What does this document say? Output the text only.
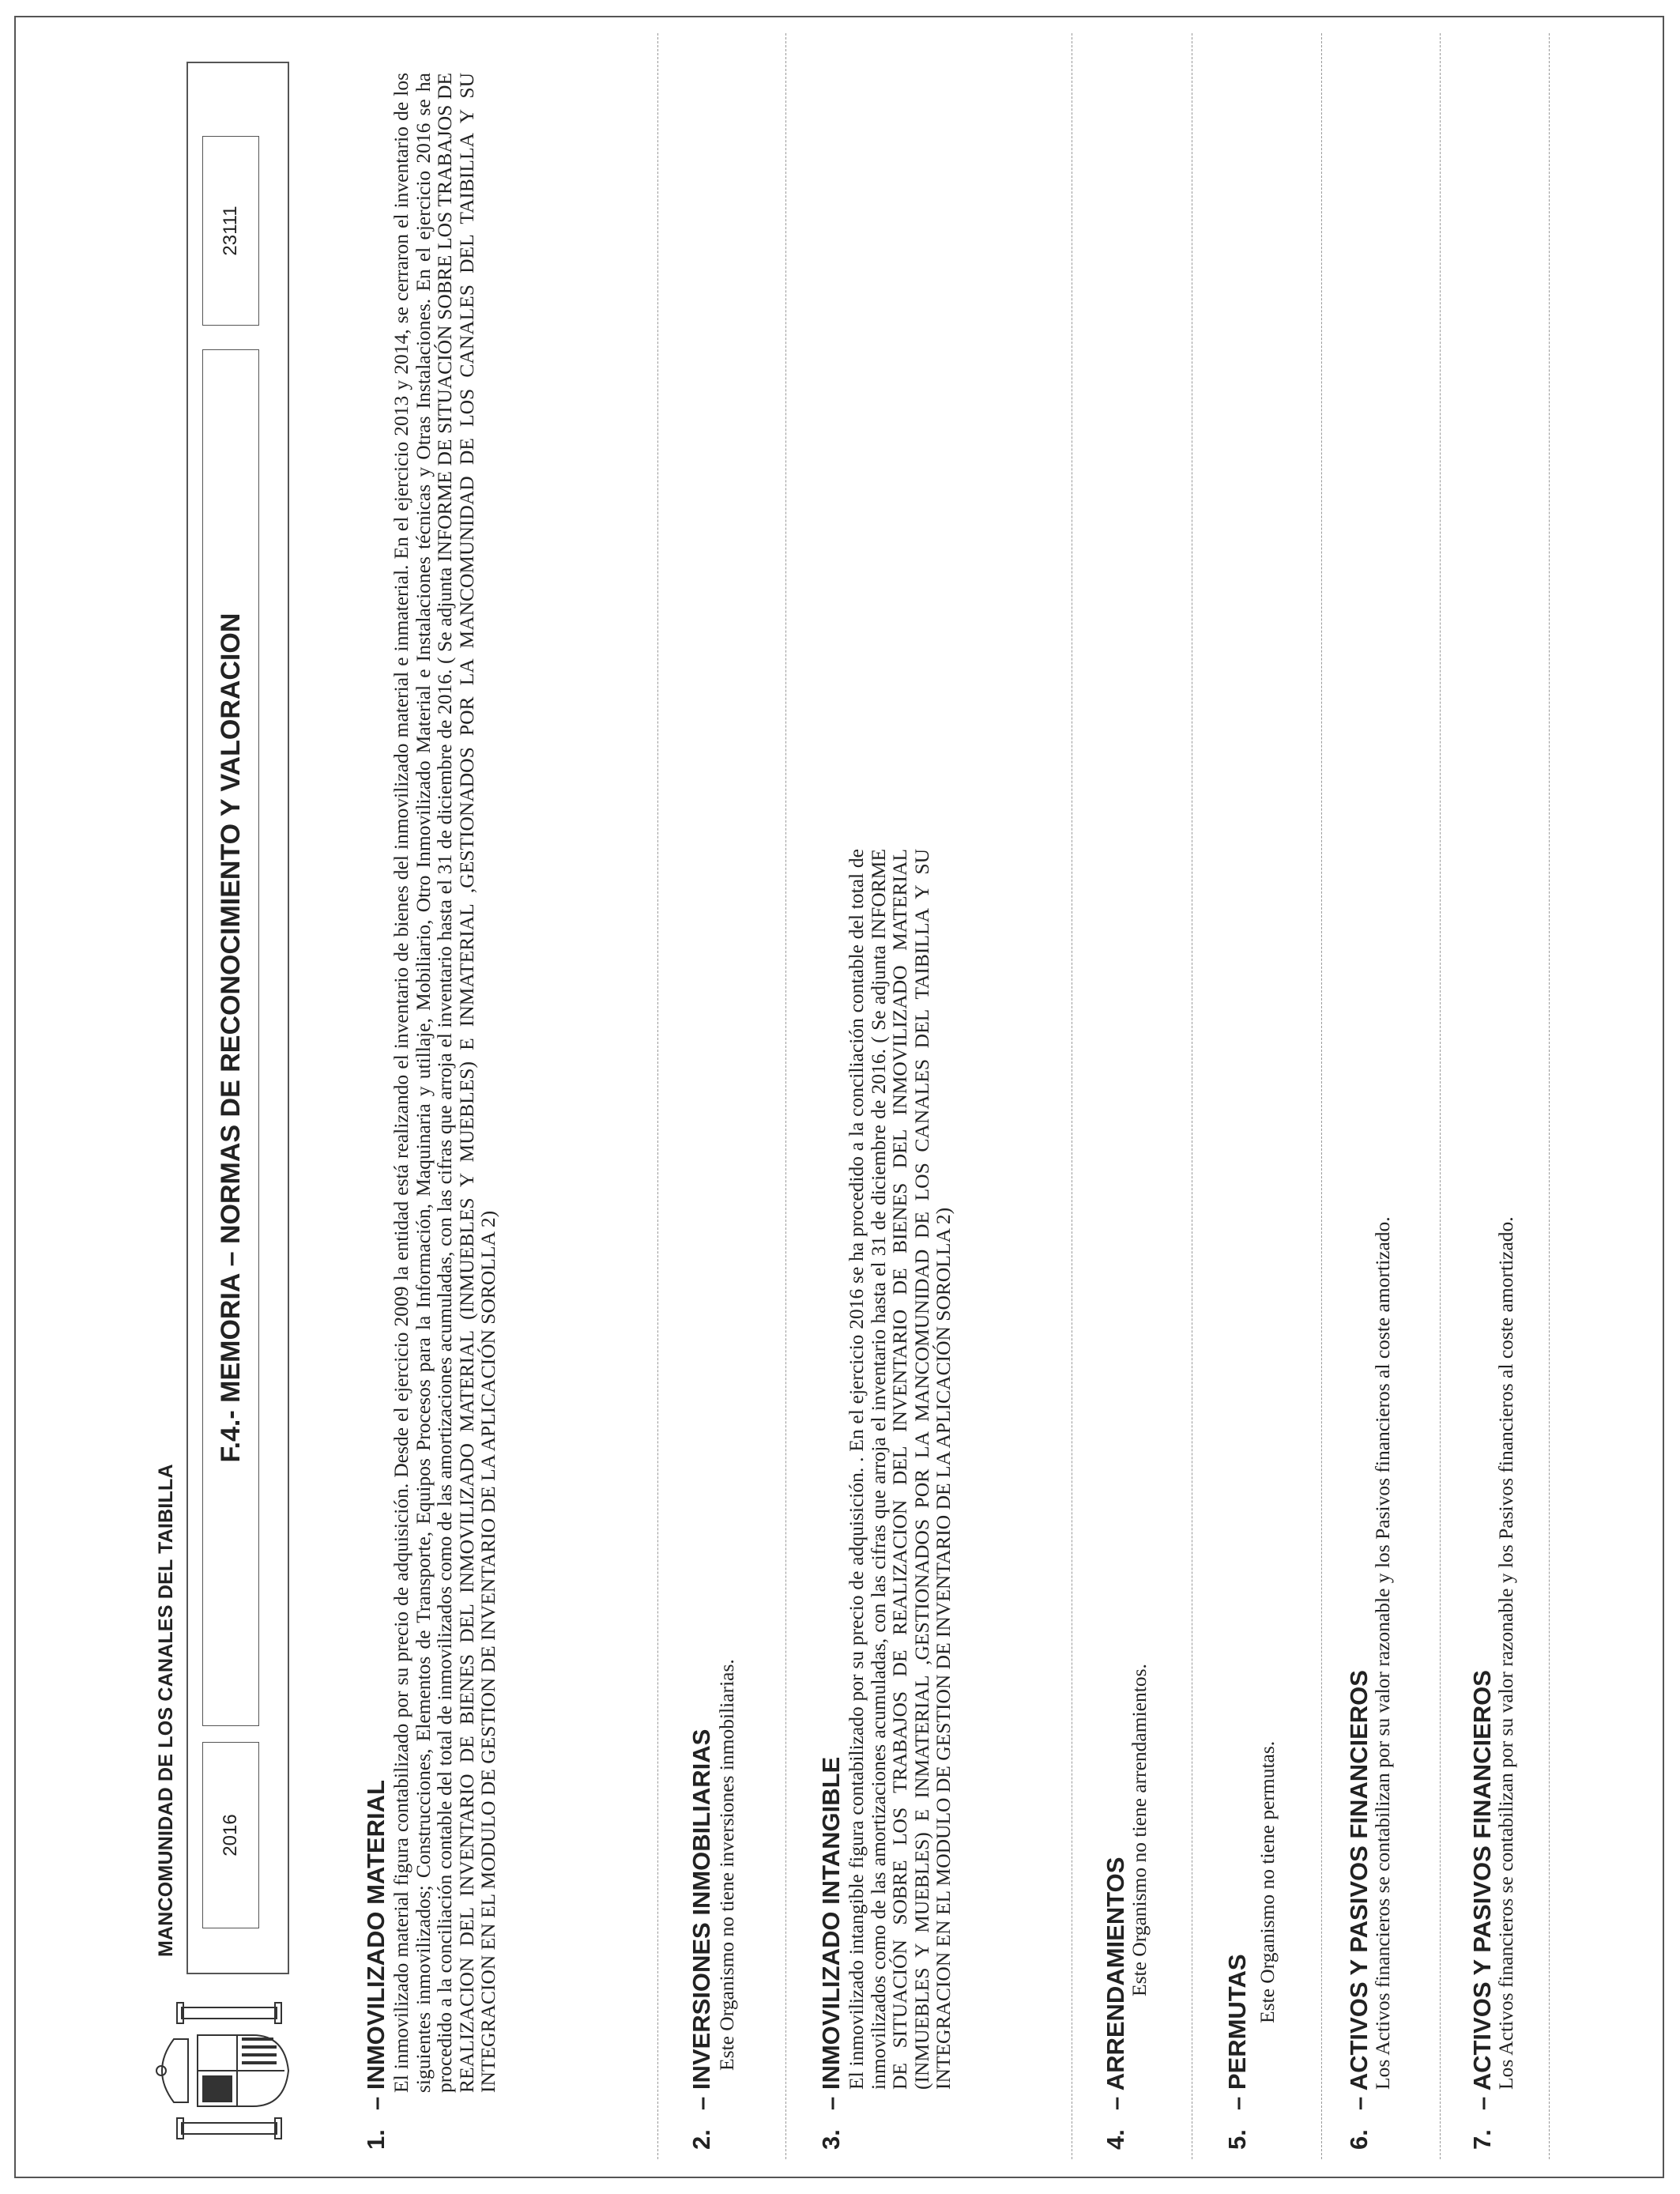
MANCOMUNIDAD DE LOS CANALES DEL TAIBILLA	2016
F.4.- MEMORIA – NORMAS DE RECONOCIMIENTO Y VALORACION
23111
1.
– INMOVILIZADO MATERIAL El inmovilizado material figura contabilizado por su precio de adquisición. Desde el ejercicio 2009 la entidad está realizando el inventario de bienes del inmovilizado material e inmaterial. En el ejercicio 2013 y 2014, se cerraron el inventario de los siguientes inmovilizados; Construcciones, Elementos de Transporte, Equipos Procesos para la Información, Maquinaria y utillaje, Mobiliario, Otro Inmovilizado Material e Instalaciones técnicas y Otras Instalaciones. En el ejercicio 2016 se ha procedido a la conciliación contable del total de inmovilizados como de las amortizaciones acumuladas, con las cifras que arroja el inventario hasta el 31 de diciembre de 2016. ( Se adjunta INFORME DE SITUACIÓN SOBRE LOS TRABAJOS DE REALIZACION DEL INVENTARIO DE BIENES DEL INMOVILIZADO MATERIAL (INMUEBLES Y MUEBLES) E INMATERIAL ,GESTIONADOS POR LA MANCOMUNIDAD DE LOS CANALES DEL TAIBILLA Y SU INTEGRACION EN EL MODULO DE GESTION DE INVENTARIO DE LA APLICACIÓN SOROLLA 2)
2.
– INVERSIONES INMOBILIARIAS Este Organismo no tiene inversiones inmobiliarias.
3.
– INMOVILIZADO INTANGIBLE El inmovilizado intangible figura contabilizado por su precio de adquisición. . En el ejercicio 2016 se ha procedido a la conciliación contable del total de inmovilizados como de las amortizaciones acumuladas, con las cifras que arroja el inventario hasta el 31 de diciembre de 2016. ( Se adjunta INFORME DE SITUACIÓN SOBRE LOS TRABAJOS DE REALIZACION DEL INVENTARIO DE BIENES DEL INMOVILIZADO MATERIAL (INMUEBLES Y MUEBLES) E INMATERIAL ,GESTIONADOS POR LA MANCOMUNIDAD DE LOS CANALES DEL TAIBILLA Y SU INTEGRACION EN EL MODULO DE GESTION DE INVENTARIO DE LA APLICACIÓN SOROLLA 2)
4.
– ARRENDAMIENTOS
Este Organismo no tiene arrendamientos.
5.
– PERMUTAS
Este Organismo no tiene permutas.
6.
– ACTIVOS Y PASIVOS FINANCIEROS
Los Activos financieros se contabilizan por su valor razonable y los Pasivos financieros al coste amortizado.
7.
– ACTIVOS Y PASIVOS FINANCIEROS
Los Activos financieros se contabilizan por su valor razonable y los Pasivos financieros al coste amortizado.
